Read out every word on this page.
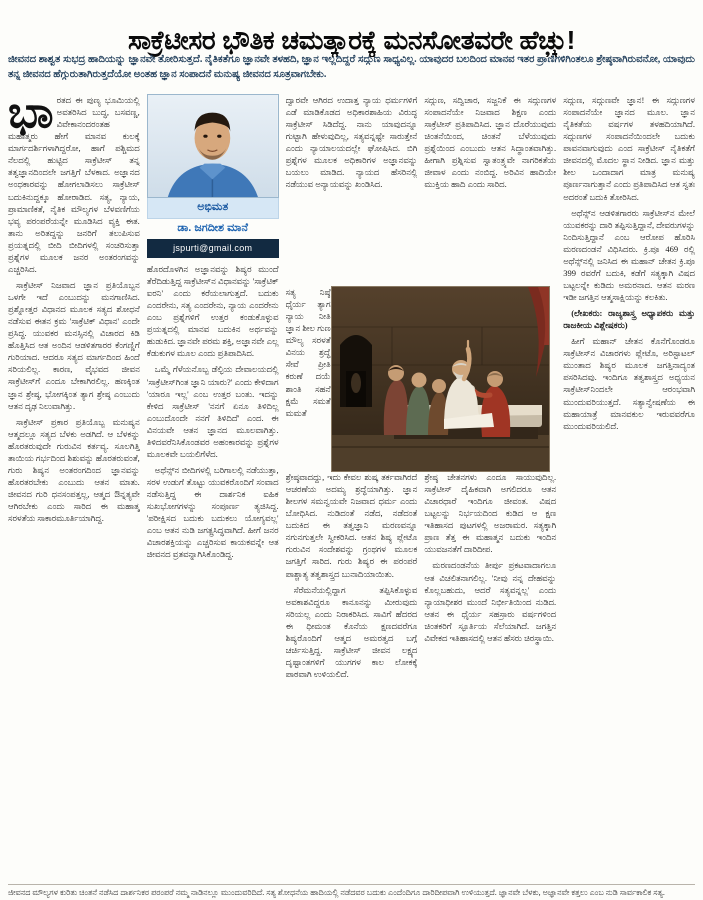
ಸಾಕ್ರೆಟೀಸರ ಭೌತಿಕ ಚಮತ್ಕಾರಕ್ಕೆ ಮನಸೋತವರೇ ಹೆಚ್ಚು!
ಜೀವನದ ಶಾಶ್ವತ ಸುಭದ್ರ ಹಾದಿಯನ್ನು ಜ್ಞಾನವೇ ತೋರಿಸುತ್ತದೆ. ನೈತಿಕತೆಗೂ ಜ್ಞಾನವೇ ತಳಹದಿ, ಜ್ಞಾನ ಇಲ್ಲದಿದ್ದರೆ ಸದ್ಗುಣ ಸಾಧ್ಯವಿಲ್ಲ. ಯಾವುದರ ಬಲದಿಂದ ಮಾನವ ಇತರ ಪ್ರಾಣಿಗಳಿಗಿಂತಲೂ ಶ್ರೇಷ್ಠವಾಗಿರುವನೋ, ಯಾವುದು ತನ್ನ ಜೀವನದ ಹೆಗ್ಗುರುತಾಗಿರುತ್ತದೆಯೋ ಅಂತಹ ಜ್ಞಾನ ಸಂಪಾದನೆ ಮನುಷ್ಯ ಜೀವನದ ಸೂತ್ರವಾಗಬೇಕು.
ಭಾ ರತದ ಈ ಪುಣ್ಯ ಭೂಮಿಯಲ್ಲಿ ಅವತರಿಸಿದ ಬುದ್ಧ, ಬಸವಣ್ಣ, ವಿವೇಕಾನಂದರಂತಹ ಮಹಾತ್ಮರು ಹೇಗೆ ಮಾನವ ಕುಲಕ್ಕೆ ಮಾರ್ಗದರ್ಶಿಗಳಾಗಿದ್ದರೋ, ಹಾಗೆ ಪಶ್ಚಿಮದ ನೆಲದಲ್ಲಿ ಹುಟ್ಟಿದ ಸಾಕ್ರೆಟೀಸ್ ತನ್ನ ತತ್ವಜ್ಞಾನದಿಂದಲೇ ಜಗತ್ತಿಗೆ ಬೆಳಕಾದ. ಅಜ್ಞಾನದ ಅಂಧಕಾರವನ್ನು ಹೋಗಲಾಡಿಸಲು ಸಾಕ್ರೆಟೀಸ್ ಬದುಕಿನುದ್ದಕ್ಕೂ ಹೋರಾಡಿದ. ಸತ್ಯ, ನ್ಯಾಯ, ಪ್ರಾಮಾಣಿಕತೆ, ನೈತಿಕ ಮೌಲ್ಯಗಳ ಬೆಳವಣಿಗೆಯ ಭವ್ಯ ಪರಂಪರೆಯನ್ನೇ ಮೂಡಿಸಿದ ವ್ಯಕ್ತಿ ಈತ. ತಾನು ಅರಿತದ್ದನ್ನು ಜನರಿಗೆ ತಲುಪಿಸುವ ಪ್ರಯತ್ನದಲ್ಲಿ ಬೀದಿ ಬೀದಿಗಳಲ್ಲಿ ಸಂಚರಿಸುತ್ತಾ ಪ್ರಶ್ನೆಗಳ ಮೂಲಕ ಜನರ ಅಂತರಂಗವನ್ನು ಎಚ್ಚರಿಸಿದ.

ಸಾಕ್ರೆಟೀಸ್ ನಿಜವಾದ ಜ್ಞಾನ ಪ್ರತಿಯೊಬ್ಬನ ಒಳಗೇ ಇದೆ ಎಂಬುದನ್ನು ಮನಗಾಣಿಸಿದ. ಪ್ರಶ್ನೋತ್ತರ ವಿಧಾನದ ಮೂಲಕ ಸತ್ಯದ ಶೋಧನೆ ನಡೆಸುವ ಈತನ ಕ್ರಮ 'ಸಾಕ್ರೆಟಿಕ್ ವಿಧಾನ' ಎಂದೇ ಪ್ರಸಿದ್ಧ. ಯುವಕರ ಮನಸ್ಸಿನಲ್ಲಿ ವಿಚಾರದ ಕಿಡಿ ಹೊತ್ತಿಸಿದ ಆತ ಅಂದಿನ ಆಡಳಿತಗಾರರ ಕೆಂಗಣ್ಣಿಗೆ ಗುರಿಯಾದ. ಆದರೂ ಸತ್ಯದ ಮಾರ್ಗದಿಂದ ಹಿಂದೆ ಸರಿಯಲಿಲ್ಲ. ಕಾರಣ, ವೈಭವದ ಜೀವನ ಸಾಕ್ರೆಟೀಸ್‌ಗೆ ಎಂದೂ ಬೇಕಾಗಿರಲಿಲ್ಲ. ಹಣಕ್ಕಿಂತ ಜ್ಞಾನ ಶ್ರೇಷ್ಠ, ಭೋಗಕ್ಕಿಂತ ತ್ಯಾಗ ಶ್ರೇಷ್ಠ ಎಂಬುದು ಆತನ ದೃಢ ನಿಲುವಾಗಿತ್ತು.

ಸಾಕ್ರೆಟೀಸ್ ಪ್ರಕಾರ ಪ್ರತಿಯೊಬ್ಬ ಮನುಷ್ಯನ ಆತ್ಮದಲ್ಲೂ ಸತ್ಯದ ಬೆಳಕು ಅಡಗಿದೆ. ಆ ಬೆಳಕನ್ನು ಹೊರತರುವುದೇ ಗುರುವಿನ ಕರ್ತವ್ಯ. ಸೂಲಗಿತ್ತಿ ತಾಯಿಯ ಗರ್ಭದಿಂದ ಶಿಶುವನ್ನು ಹೊರತರುವಂತೆ, ಗುರು ಶಿಷ್ಯನ ಅಂತರಂಗದಿಂದ ಜ್ಞಾನವನ್ನು ಹೊರತರಬೇಕು ಎಂಬುದು ಆತನ ಮಾತು. ಜೀವನದ ಗುರಿ ಧನಸಂಪತ್ತಲ್ಲ, ಆತ್ಮದ ಔನ್ನತ್ಯವೇ ಆಗಿರಬೇಕು ಎಂದು ಸಾರಿದ ಈ ಮಹಾತ್ಮ ಸರಳತೆಯ ಸಾಕಾರಮೂರ್ತಿಯಾಗಿದ್ದ.

ಅಭಿಮತ
ಡಾ. ಜಗದೀಶ ಮಾನೆ
jspurti@gmail.com

ಹೊರದೊಳಗಿನ ಅಜ್ಞಾನವನ್ನು ಶಿಷ್ಯರ ಮುಂದೆ ತೆರೆದಿಡುತ್ತಿದ್ದ ಸಾಕ್ರೆಟೀಸ್‌ನ ವಿಧಾನವನ್ನು 'ಸಾಕ್ರೆಟಿಕ್ ಐರನಿ' ಎಂದು ಕರೆಯಲಾಗುತ್ತದೆ. ಬದುಕು ಎಂದರೇನು, ಸತ್ಯ ಎಂದರೇನು, ನ್ಯಾಯ ಎಂದರೇನು ಎಂಬ ಪ್ರಶ್ನೆಗಳಿಗೆ ಉತ್ತರ ಕಂಡುಕೊಳ್ಳುವ ಪ್ರಯತ್ನದಲ್ಲಿ ಮಾನವ ಬದುಕಿನ ಅರ್ಥವನ್ನು ಹುಡುಕಿದ. ಜ್ಞಾನವೇ ಪರಮ ಶಕ್ತಿ, ಅಜ್ಞಾನವೇ ಎಲ್ಲ ಕೆಡುಕುಗಳ ಮೂಲ ಎಂದು ಪ್ರತಿಪಾದಿಸಿದ.

ಒಮ್ಮೆ ಗೆಳೆಯನೊಬ್ಬ ಡೆಲ್ಫಿಯ ದೇವಾಲಯದಲ್ಲಿ 'ಸಾಕ್ರೆಟೀಸ್‌ಗಿಂತ ಜ್ಞಾನಿ ಯಾರು?' ಎಂದು ಕೇಳಿದಾಗ 'ಯಾರೂ ಇಲ್ಲ' ಎಂಬ ಉತ್ತರ ಬಂತು. ಇದನ್ನು ಕೇಳಿದ ಸಾಕ್ರೆಟೀಸ್ 'ನನಗೆ ಏನೂ ತಿಳಿದಿಲ್ಲ ಎಂಬುದೊಂದೇ ನನಗೆ ತಿಳಿದಿದೆ' ಎಂದ. ಈ ವಿನಯವೇ ಆತನ ಜ್ಞಾನದ ಮೂಲವಾಗಿತ್ತು. ತಿಳಿದವರೆನಿಸಿಕೊಂಡವರ ಅಹಂಕಾರವನ್ನು ಪ್ರಶ್ನೆಗಳ ಮೂಲಕವೇ ಬಯಲಿಗೆಳೆದ.

ಅಥೆನ್ಸ್‌ನ ಬೀದಿಗಳಲ್ಲಿ ಬರಿಗಾಲಲ್ಲಿ ನಡೆಯುತ್ತಾ, ಸರಳ ಉಡುಗೆ ತೊಟ್ಟು ಯುವಕರೊಂದಿಗೆ ಸಂವಾದ ನಡೆಸುತ್ತಿದ್ದ ಈ ದಾರ್ಶನಿಕ ಐಹಿಕ ಸುಖಭೋಗಗಳನ್ನು ಸಂಪೂರ್ಣ ತ್ಯಜಿಸಿದ್ದ. 'ಪರೀಕ್ಷಿಸದ ಬದುಕು ಬದುಕಲು ಯೋಗ್ಯವಲ್ಲ' ಎಂಬ ಆತನ ನುಡಿ ಜಗತ್ಪ್ರಸಿದ್ಧವಾಗಿದೆ. ಹೀಗೆ ಜನರ ವಿಚಾರಶಕ್ತಿಯನ್ನು ಎಚ್ಚರಿಸುವ ಕಾಯಕವನ್ನೇ ಆತ ಜೀವನದ ವ್ರತವನ್ನಾಗಿಸಿಕೊಂಡಿದ್ದ.

ದ್ವಾರವೇ ಆಗಿರದ ಉದಾತ್ತ ನ್ಯಾಯ ಧರ್ಮಗಳಿಗೆ ಎಡೆ ಮಾಡಿಕೊಡದ ಅಧಿಕಾರಶಾಹಿಯ ವಿರುದ್ಧ ಸಾಕ್ರೆಟೀಸ್ ಸಿಡಿದೆದ್ದ. ನಾನು ಯಾವುದನ್ನೂ ಗುಟ್ಟಾಗಿ ಹೇಳುವುದಿಲ್ಲ, ಸತ್ಯವನ್ನಷ್ಟೇ ಸಾರುತ್ತೇನೆ ಎಂದು ನ್ಯಾಯಾಲಯದಲ್ಲೇ ಘೋಷಿಸಿದ. ಬಿಗಿ ಪ್ರಶ್ನೆಗಳ ಮೂಲಕ ಅಧಿಕಾರಿಗಳ ಅಜ್ಞಾನವನ್ನು ಬಯಲು ಮಾಡಿದ. ನ್ಯಾಯದ ಹೆಸರಿನಲ್ಲಿ ನಡೆಯುವ ಅನ್ಯಾಯವನ್ನು ಖಂಡಿಸಿದ.

ಸತ್ಯ ನಿಷ್ಠೆ ಧೈರ್ಯ ತ್ಯಾಗ ನ್ಯಾಯ ನೀತಿ ಜ್ಞಾನ ಶೀಲ ಗುಣ ಮೌಲ್ಯ ಸರಳತೆ ವಿನಯ ಶ್ರದ್ಧೆ ಸೇವೆ ಪ್ರೀತಿ ಕರುಣೆ ದಯೆ ಶಾಂತಿ ಸಹನೆ ಕ್ಷಮೆ ಸಮತೆ ಮಮತೆ

ಶ್ರೇಷ್ಠವಾದದ್ದು, ಇದು ಕೇವಲ ಶುಷ್ಕ ತರ್ಕವಾಗಿರದೆ ಆಚರಣೆಯ ಅದಮ್ಯ ಶ್ರದ್ಧೆಯಾಗಿತ್ತು. ಜ್ಞಾನ ಶೀಲಗಳ ಸಮನ್ವಯವೇ ನಿಜವಾದ ಧರ್ಮ ಎಂದು ಬೋಧಿಸಿದ. ನುಡಿದಂತೆ ನಡೆದ, ನಡೆದಂತೆ ಬದುಕಿದ ಈ ತತ್ವಜ್ಞಾನಿ ಮರಣವನ್ನೂ ನಗುನಗುತ್ತಲೇ ಸ್ವೀಕರಿಸಿದ. ಆತನ ಶಿಷ್ಯ ಪ್ಲೇಟೊ ಗುರುವಿನ ಸಂದೇಶವನ್ನು ಗ್ರಂಥಗಳ ಮೂಲಕ ಜಗತ್ತಿಗೆ ಸಾರಿದ. ಗುರು ಶಿಷ್ಯರ ಈ ಪರಂಪರೆ ಪಾಶ್ಚಾತ್ಯ ತತ್ವಶಾಸ್ತ್ರದ ಬುನಾದಿಯಾಯಿತು.

ಸೆರೆಮನೆಯಲ್ಲಿದ್ದಾಗ ತಪ್ಪಿಸಿಕೊಳ್ಳುವ ಅವಕಾಶವಿದ್ದರೂ ಕಾನೂನನ್ನು ಮೀರುವುದು ಸರಿಯಲ್ಲ ಎಂದು ನಿರಾಕರಿಸಿದ. ಸಾವಿಗೆ ಹೆದರದ ಈ ಧೀಮಂತ ಕೊನೆಯ ಕ್ಷಣದವರೆಗೂ ಶಿಷ್ಯರೊಂದಿಗೆ ಆತ್ಮದ ಅಮರತ್ವದ ಬಗ್ಗೆ ಚರ್ಚಿಸುತ್ತಿದ್ದ. ಸಾಕ್ರೆಟೀಸ್ ಜೀವನ ಲಕ್ಷ್ಯದ ದೃಷ್ಟಾಂತಗಳಿಗೆ ಯುಗಗಳ ಕಾಲ ಲೋಕಕ್ಕೆ ಪಾಠವಾಗಿ ಉಳಿಯಲಿದೆ.

ಸದ್ಗುಣ, ಸದ್ವಿಚಾರ, ಸಜ್ಜನಿಕೆ ಈ ಸದ್ಗುಣಗಳ ಸಂಪಾದನೆಯೇ ನಿಜವಾದ ಶಿಕ್ಷಣ ಎಂದು ಸಾಕ್ರೆಟೀಸ್ ಪ್ರತಿಪಾದಿಸಿದ. ಜ್ಞಾನ ದೊರೆಯುವುದು ಚಿಂತನೆಯಿಂದ, ಚಿಂತನೆ ಬೆಳೆಯುವುದು ಪ್ರಶ್ನೆಯಿಂದ ಎಂಬುದು ಆತನ ಸಿದ್ಧಾಂತವಾಗಿತ್ತು. ಹೀಗಾಗಿ ಪ್ರಶ್ನಿಸುವ ಸ್ವಾತಂತ್ರ್ಯವೇ ನಾಗರಿಕತೆಯ ಜೀವಾಳ ಎಂದು ನಂಬಿದ್ದ. ಅರಿವಿನ ಹಾದಿಯೇ ಮುಕ್ತಿಯ ಹಾದಿ ಎಂದು ಸಾರಿದ.

ಶ್ರೇಷ್ಠ ಚೇತನಗಳು ಎಂದೂ ಸಾಯುವುದಿಲ್ಲ. ಸಾಕ್ರೆಟೀಸ್ ದೈಹಿಕವಾಗಿ ಅಗಲಿದರೂ ಆತನ ವಿಚಾರಧಾರೆ ಇಂದಿಗೂ ಜೀವಂತ. ವಿಷದ ಬಟ್ಟಲನ್ನು ನಿರ್ಭಯದಿಂದ ಕುಡಿದ ಆ ಕ್ಷಣ ಇತಿಹಾಸದ ಪುಟಗಳಲ್ಲಿ ಅಜರಾಮರ. ಸತ್ಯಕ್ಕಾಗಿ ಪ್ರಾಣ ತೆತ್ತ ಈ ಮಹಾತ್ಮನ ಬದುಕು ಇಂದಿನ ಯುವಜನತೆಗೆ ದಾರಿದೀಪ.

ಮರಣದಂಡನೆಯ ತೀರ್ಪು ಪ್ರಕಟವಾದಾಗಲೂ ಆತ ವಿಚಲಿತನಾಗಲಿಲ್ಲ. 'ನೀವು ನನ್ನ ದೇಹವನ್ನು ಕೊಲ್ಲಬಹುದು, ಆದರೆ ಸತ್ಯವನ್ನಲ್ಲ' ಎಂದು ನ್ಯಾಯಾಧೀಶರ ಮುಂದೆ ನಿರ್ಭೀತಿಯಿಂದ ನುಡಿದ. ಆತನ ಈ ಧೈರ್ಯ ಸಹಸ್ರಾರು ವರ್ಷಗಳಿಂದ ಚಿಂತಕರಿಗೆ ಸ್ಫೂರ್ತಿಯ ಸೆಲೆಯಾಗಿದೆ. ಜಗತ್ತಿನ ವಿವೇಕದ ಇತಿಹಾಸದಲ್ಲಿ ಆತನ ಹೆಸರು ಚಿರಸ್ಥಾಯಿ.

ಸದ್ಗುಣ, ಸದ್ಗುಣವೇ ಜ್ಞಾನ! ಈ ಸದ್ಗುಣಗಳ ಸಂಪಾದನೆಯೇ ಜ್ಞಾನದ ಮೂಲ. ಜ್ಞಾನ ನೈತಿಕತೆಯ ವರ್ಷಗಳ ತಳಹದಿಯಾಗಿದೆ. ಸದ್ಗುಣಗಳ ಸಂಪಾದನೆಯಿಂದಲೇ ಬದುಕು ಪಾವನವಾಗುವುದು ಎಂದ ಸಾಕ್ರೆಟೀಸ್ ನೈತಿಕತೆಗೆ ಜೀವನದಲ್ಲಿ ಮೊದಲ ಸ್ಥಾನ ನೀಡಿದ. ಜ್ಞಾನ ಮತ್ತು ಶೀಲ ಒಂದಾದಾಗ ಮಾತ್ರ ಮನುಷ್ಯ ಪೂರ್ಣನಾಗುತ್ತಾನೆ ಎಂದು ಪ್ರತಿಪಾದಿಸಿದ ಆತ ಸ್ವತಃ ಅದರಂತೆ ಬದುಕಿ ತೋರಿಸಿದ.

ಅಥೆನ್ಸ್‌ನ ಆಡಳಿತಗಾರರು ಸಾಕ್ರೆಟೀಸ್‌ನ ಮೇಲೆ ಯುವಕರನ್ನು ದಾರಿ ತಪ್ಪಿಸುತ್ತಿದ್ದಾನೆ, ದೇವರುಗಳನ್ನು ನಿಂದಿಸುತ್ತಿದ್ದಾನೆ ಎಂಬ ಆರೋಪ ಹೊರಿಸಿ ಮರಣದಂಡನೆ ವಿಧಿಸಿದರು. ಕ್ರಿ.ಪೂ 469 ರಲ್ಲಿ ಅಥೆನ್ಸ್‌ನಲ್ಲಿ ಜನಿಸಿದ ಈ ಮಹಾನ್ ಚೇತನ ಕ್ರಿ.ಪೂ 399 ರವರೆಗೆ ಬದುಕಿ, ಕಡೆಗೆ ಸತ್ಯಕ್ಕಾಗಿ ವಿಷದ ಬಟ್ಟಲನ್ನೇ ಕುಡಿದು ಅಮರನಾದ. ಆತನ ಮರಣ ಇಡೀ ಜಗತ್ತಿನ ಆತ್ಮಸಾಕ್ಷಿಯನ್ನು ಕಲಕಿತು.

(ಲೇಖಕರು: ರಾಜ್ಯಶಾಸ್ತ್ರ ಅಧ್ಯಾಪಕರು ಮತ್ತು ರಾಜಕೀಯ ವಿಶ್ಲೇಷಕರು)

ಹೀಗೆ ಮಹಾನ್ ಚೇತನ ಕೊನೆಗೊಂಡರೂ ಸಾಕ್ರೆಟೀಸ್‌ನ ವಿಚಾರಗಳು ಪ್ಲೇಟೊ, ಅರಿಸ್ಟಾಟಲ್ ಮುಂತಾದ ಶಿಷ್ಯರ ಮೂಲಕ ಜಗತ್ತಿನಾದ್ಯಂತ ಪಸರಿಸಿದವು. ಇಂದಿಗೂ ತತ್ವಶಾಸ್ತ್ರದ ಅಧ್ಯಯನ ಸಾಕ್ರೆಟೀಸ್‌ನಿಂದಲೇ ಆರಂಭವಾಗಿ ಮುಂದುವರಿಯುತ್ತದೆ. ಸತ್ಯಾನ್ವೇಷಣೆಯ ಈ ಮಹಾಯಾತ್ರೆ ಮಾನವಕುಲ ಇರುವವರೆಗೂ ಮುಂದುವರಿಯಲಿದೆ.

ಜೀವನದ ಮೌಲ್ಯಗಳ ಕುರಿತು ಚಿಂತನೆ ನಡೆಸಿದ ದಾರ್ಶನಿಕರ ಪರಂಪರೆ ನಮ್ಮ ನಾಡಿನಲ್ಲೂ ಮುಂದುವರಿದಿದೆ. ಸತ್ಯ ಶೋಧನೆಯ ಹಾದಿಯಲ್ಲಿ ನಡೆದವರ ಬದುಕು ಎಂದೆಂದಿಗೂ ದಾರಿದೀಪವಾಗಿ ಉಳಿಯುತ್ತದೆ. ಜ್ಞಾನವೇ ಬೆಳಕು, ಅಜ್ಞಾನವೇ ಕತ್ತಲು ಎಂಬ ನುಡಿ ಸಾರ್ವಕಾಲಿಕ ಸತ್ಯ.
